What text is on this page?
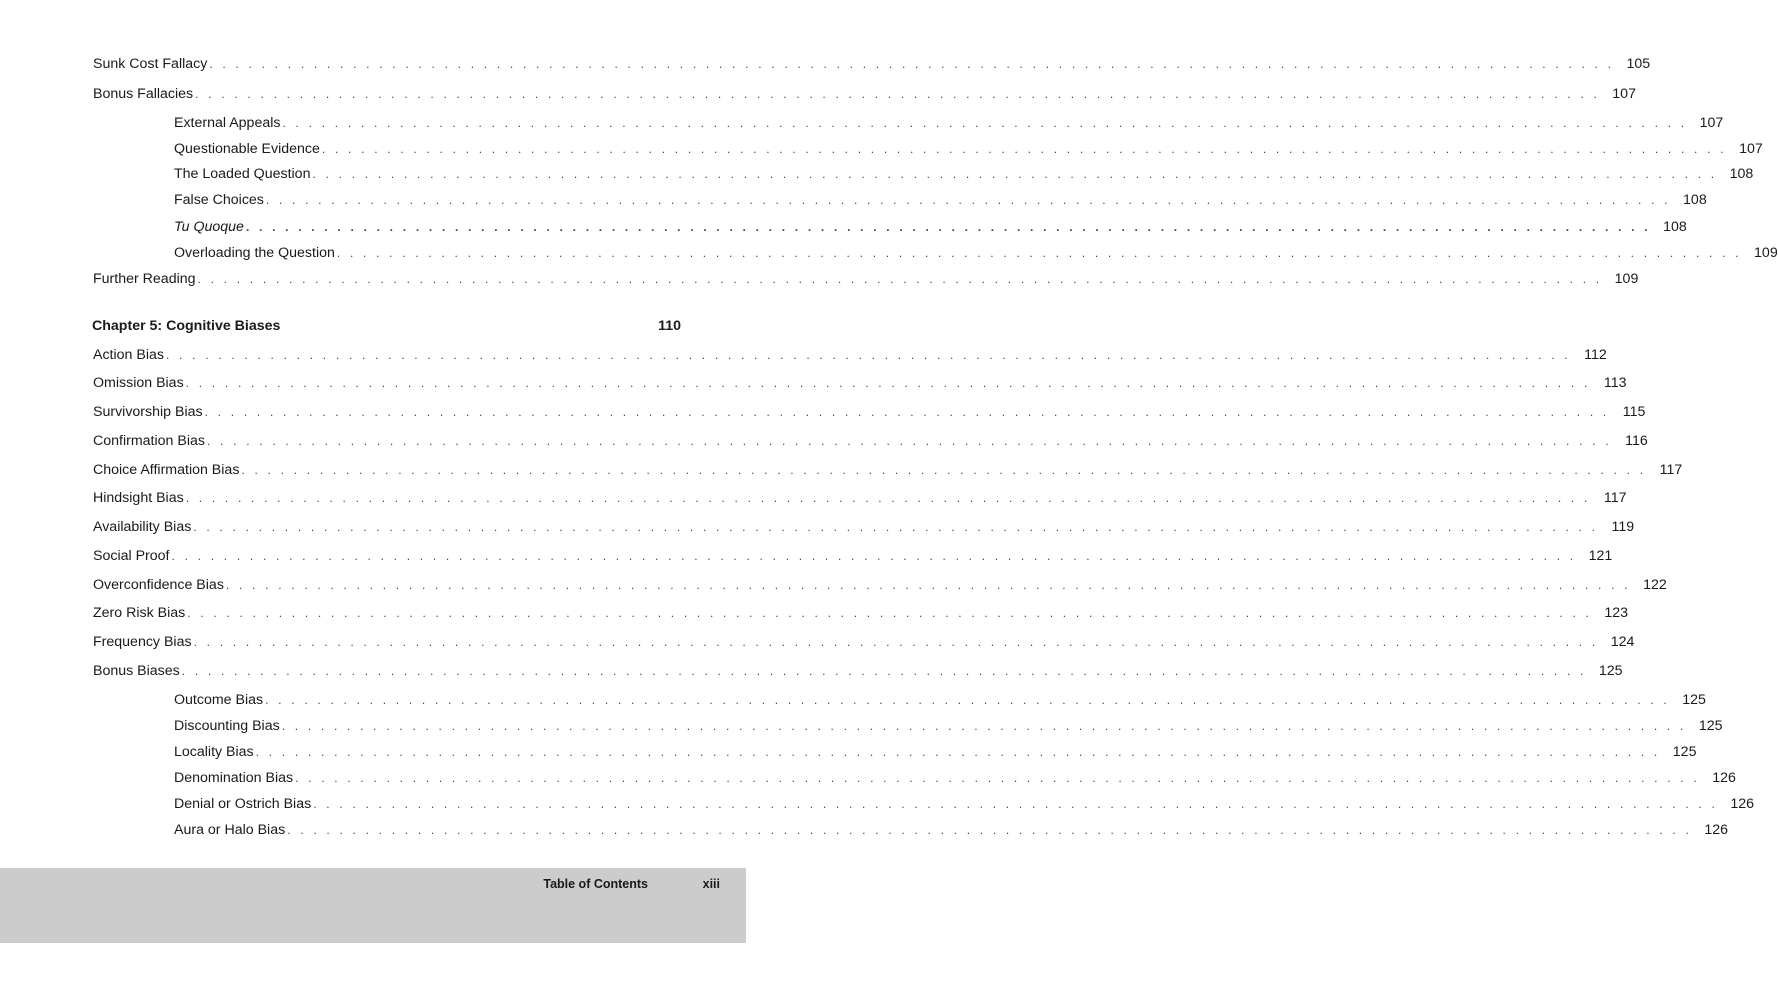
Sunk Cost Fallacy . . . . . . . . . . . . . . . . . . . . . . . . . . . . . . . . . . . . . . . . . . . . . . . . . . . . . . . . . . . . . . . . . . . . . . . . . . . . . . . . . . . . . . . . . . . . . . . . . . . . . . . . . . . . 105
Bonus Fallacies . . . . . . . . . . . . . . . . . . . . . . . . . . . . . . . . . . . . . . . . . . . . . . . . . . . . . . . . . . . . . . . . . . . . . . . . . . . . . . . . . . . . . . . . . . . . . . . . . . . . . . . . . . . . 107
External Appeals . . . . . . . . . . . . . . . . . . . . . . . . . . . . . . . . . . . . . . . . . . . . . . . . . . . . . . . . . . . . . . . . . . . . . . . . . . . . . . . . . . . . . . . . . . . . . . . . . . . . . . . . . . . . 107
Questionable Evidence . . . . . . . . . . . . . . . . . . . . . . . . . . . . . . . . . . . . . . . . . . . . . . . . . . . . . . . . . . . . . . . . . . . . . . . . . . . . . . . . . . . . . . . . . . . . . . . . . . . . . . . . . . . . 107
The Loaded Question . . . . . . . . . . . . . . . . . . . . . . . . . . . . . . . . . . . . . . . . . . . . . . . . . . . . . . . . . . . . . . . . . . . . . . . . . . . . . . . . . . . . . . . . . . . . . . . . . . . . . . . . . . . . 108
False Choices . . . . . . . . . . . . . . . . . . . . . . . . . . . . . . . . . . . . . . . . . . . . . . . . . . . . . . . . . . . . . . . . . . . . . . . . . . . . . . . . . . . . . . . . . . . . . . . . . . . . . . . . . . . . 108
Tu Quoque . . . . . . . . . . . . . . . . . . . . . . . . . . . . . . . . . . . . . . . . . . . . . . . . . . . . . . . . . . . . . . . . . . . . . . . . . . . . . . . . . . . . . . . . . . . . . . . . . . . . . . . . . . . . 108
Overloading the Question . . . . . . . . . . . . . . . . . . . . . . . . . . . . . . . . . . . . . . . . . . . . . . . . . . . . . . . . . . . . . . . . . . . . . . . . . . . . . . . . . . . . . . . . . . . . . . . . . . . . . . . . . . . . 109
Further Reading . . . . . . . . . . . . . . . . . . . . . . . . . . . . . . . . . . . . . . . . . . . . . . . . . . . . . . . . . . . . . . . . . . . . . . . . . . . . . . . . . . . . . . . . . . . . . . . . . . . . . . . . . . . . 109
Chapter 5: Cognitive Biases	110
Action Bias . . . . . . . . . . . . . . . . . . . . . . . . . . . . . . . . . . . . . . . . . . . . . . . . . . . . . . . . . . . . . . . . . . . . . . . . . . . . . . . . . . . . . . . . . . . . . . . . . . . . . . . . . . . . 112
Omission Bias . . . . . . . . . . . . . . . . . . . . . . . . . . . . . . . . . . . . . . . . . . . . . . . . . . . . . . . . . . . . . . . . . . . . . . . . . . . . . . . . . . . . . . . . . . . . . . . . . . . . . . . . . . . . 113
Survivorship Bias . . . . . . . . . . . . . . . . . . . . . . . . . . . . . . . . . . . . . . . . . . . . . . . . . . . . . . . . . . . . . . . . . . . . . . . . . . . . . . . . . . . . . . . . . . . . . . . . . . . . . . . . . . . . 115
Confirmation Bias . . . . . . . . . . . . . . . . . . . . . . . . . . . . . . . . . . . . . . . . . . . . . . . . . . . . . . . . . . . . . . . . . . . . . . . . . . . . . . . . . . . . . . . . . . . . . . . . . . . . . . . . . . . . 116
Choice Affirmation Bias . . . . . . . . . . . . . . . . . . . . . . . . . . . . . . . . . . . . . . . . . . . . . . . . . . . . . . . . . . . . . . . . . . . . . . . . . . . . . . . . . . . . . . . . . . . . . . . . . . . . . . . . . . . . 117
Hindsight Bias . . . . . . . . . . . . . . . . . . . . . . . . . . . . . . . . . . . . . . . . . . . . . . . . . . . . . . . . . . . . . . . . . . . . . . . . . . . . . . . . . . . . . . . . . . . . . . . . . . . . . . . . . . . . 117
Availability Bias . . . . . . . . . . . . . . . . . . . . . . . . . . . . . . . . . . . . . . . . . . . . . . . . . . . . . . . . . . . . . . . . . . . . . . . . . . . . . . . . . . . . . . . . . . . . . . . . . . . . . . . . . . . . 119
Social Proof . . . . . . . . . . . . . . . . . . . . . . . . . . . . . . . . . . . . . . . . . . . . . . . . . . . . . . . . . . . . . . . . . . . . . . . . . . . . . . . . . . . . . . . . . . . . . . . . . . . . . . . . . . . . 121
Overconfidence Bias . . . . . . . . . . . . . . . . . . . . . . . . . . . . . . . . . . . . . . . . . . . . . . . . . . . . . . . . . . . . . . . . . . . . . . . . . . . . . . . . . . . . . . . . . . . . . . . . . . . . . . . . . . . . 122
Zero Risk Bias . . . . . . . . . . . . . . . . . . . . . . . . . . . . . . . . . . . . . . . . . . . . . . . . . . . . . . . . . . . . . . . . . . . . . . . . . . . . . . . . . . . . . . . . . . . . . . . . . . . . . . . . . . . . 123
Frequency Bias . . . . . . . . . . . . . . . . . . . . . . . . . . . . . . . . . . . . . . . . . . . . . . . . . . . . . . . . . . . . . . . . . . . . . . . . . . . . . . . . . . . . . . . . . . . . . . . . . . . . . . . . . . . . 124
Bonus Biases . . . . . . . . . . . . . . . . . . . . . . . . . . . . . . . . . . . . . . . . . . . . . . . . . . . . . . . . . . . . . . . . . . . . . . . . . . . . . . . . . . . . . . . . . . . . . . . . . . . . . . . . . . . . 125
Outcome Bias . . . . . . . . . . . . . . . . . . . . . . . . . . . . . . . . . . . . . . . . . . . . . . . . . . . . . . . . . . . . . . . . . . . . . . . . . . . . . . . . . . . . . . . . . . . . . . . . . . . . . . . . . . . . 125
Discounting Bias . . . . . . . . . . . . . . . . . . . . . . . . . . . . . . . . . . . . . . . . . . . . . . . . . . . . . . . . . . . . . . . . . . . . . . . . . . . . . . . . . . . . . . . . . . . . . . . . . . . . . . . . . . . . 125
Locality Bias . . . . . . . . . . . . . . . . . . . . . . . . . . . . . . . . . . . . . . . . . . . . . . . . . . . . . . . . . . . . . . . . . . . . . . . . . . . . . . . . . . . . . . . . . . . . . . . . . . . . . . . . . . . . 125
Denomination Bias . . . . . . . . . . . . . . . . . . . . . . . . . . . . . . . . . . . . . . . . . . . . . . . . . . . . . . . . . . . . . . . . . . . . . . . . . . . . . . . . . . . . . . . . . . . . . . . . . . . . . . . . . . . . 126
Denial or Ostrich Bias . . . . . . . . . . . . . . . . . . . . . . . . . . . . . . . . . . . . . . . . . . . . . . . . . . . . . . . . . . . . . . . . . . . . . . . . . . . . . . . . . . . . . . . . . . . . . . . . . . . . . . . . . . . . 126
Aura or Halo Bias . . . . . . . . . . . . . . . . . . . . . . . . . . . . . . . . . . . . . . . . . . . . . . . . . . . . . . . . . . . . . . . . . . . . . . . . . . . . . . . . . . . . . . . . . . . . . . . . . . . . . . . . . . . . 126
Table of Contents	xiii
